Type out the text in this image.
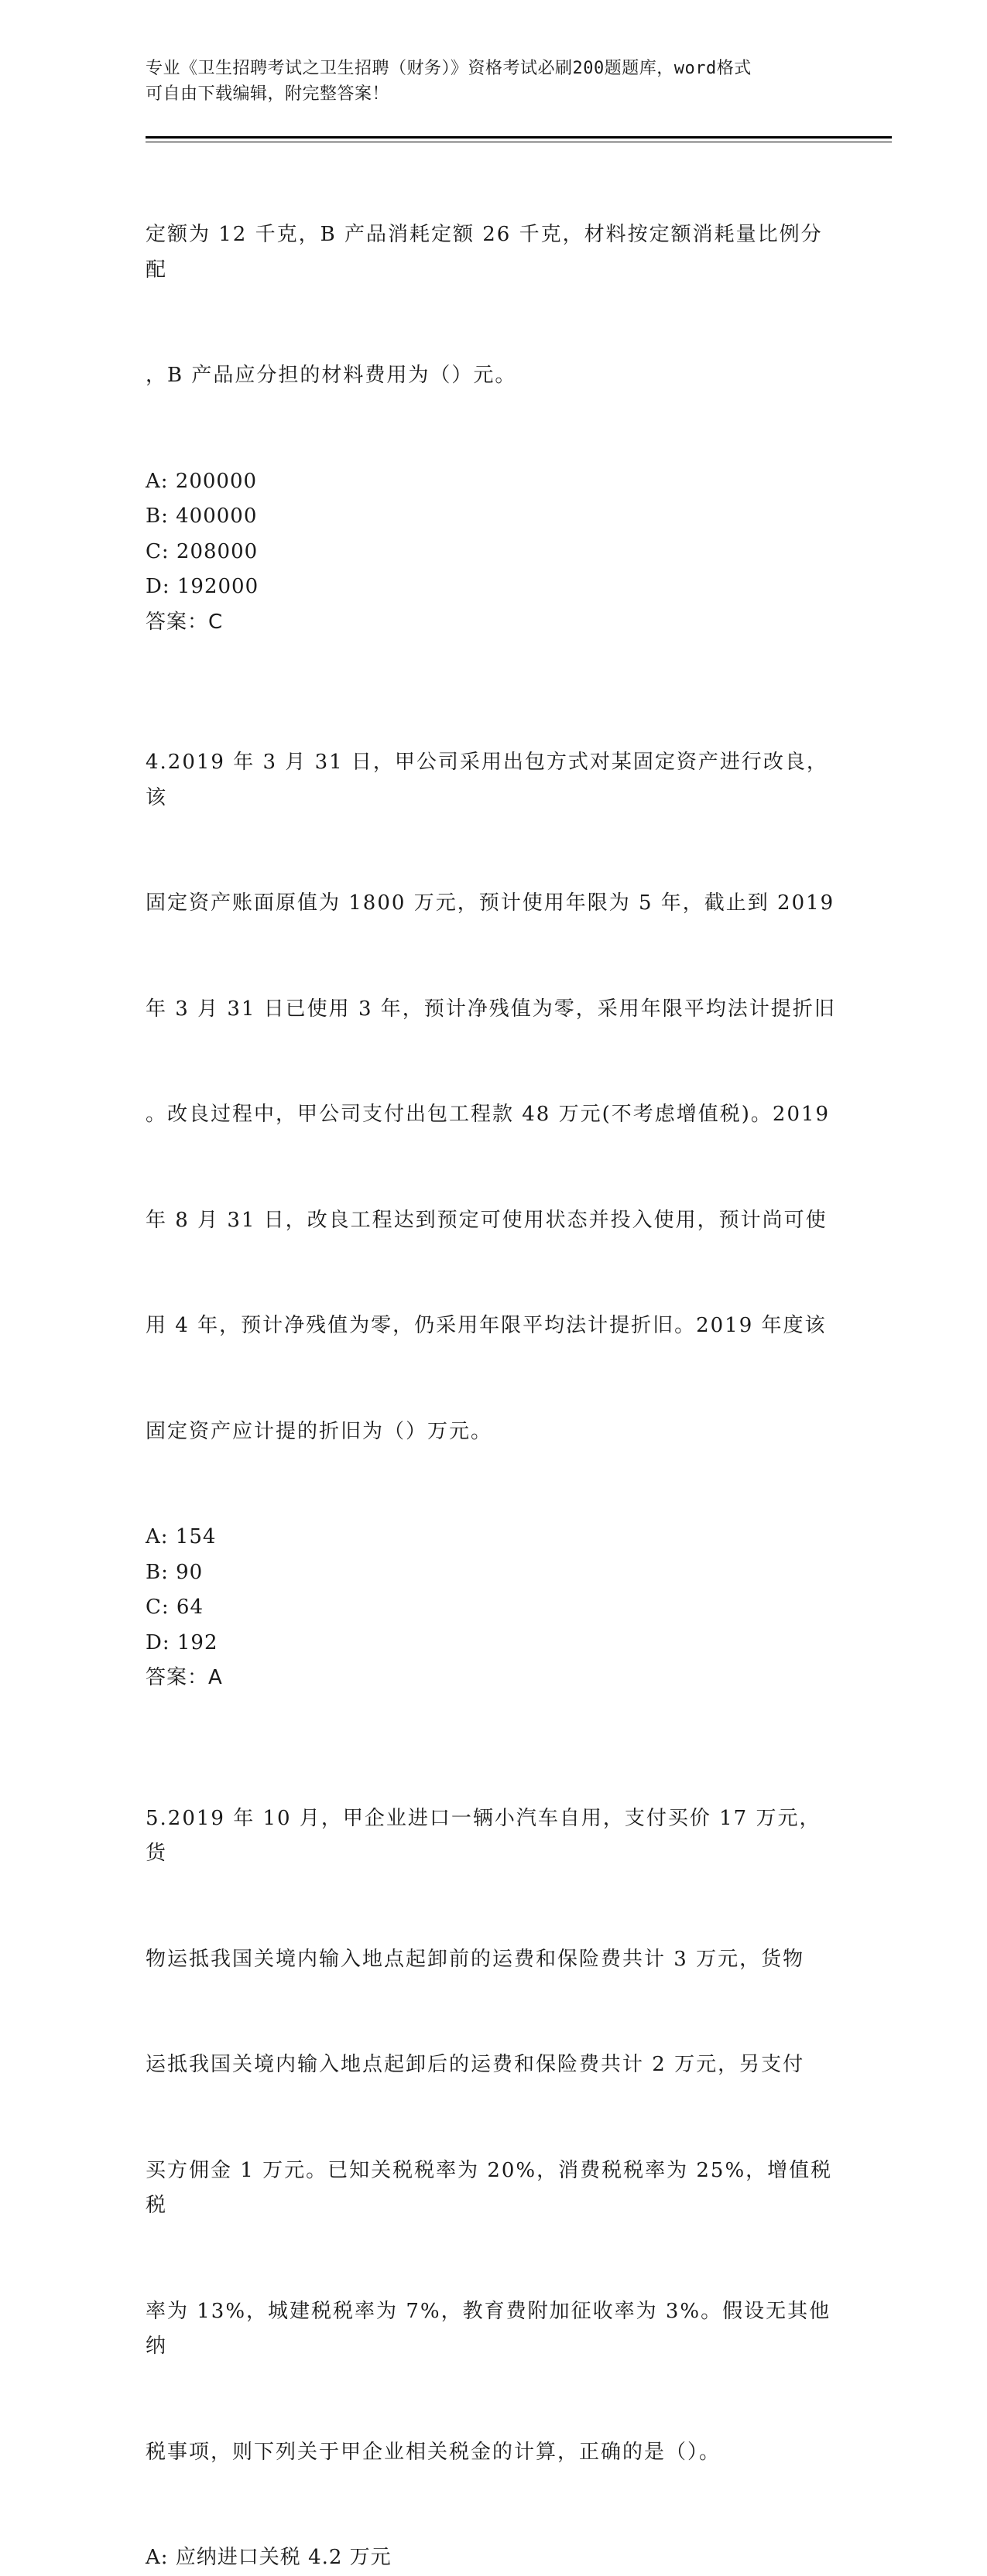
专业《卫生招聘考试之卫生招聘（财务）》资格考试必刷200题题库，word格式
可自由下载编辑，附完整答案！

定额为 12 千克，B 产品消耗定额 26 千克，材料按定额消耗量比例分配

，B 产品应分担的材料费用为（）元。

A: 200000
B: 400000
C: 208000
D: 192000
答案：C

4.2019 年 3 月 31 日，甲公司采用出包方式对某固定资产进行改良，该

固定资产账面原值为 1800 万元，预计使用年限为 5 年，截止到 2019

年 3 月 31 日已使用 3 年，预计净残值为零，采用年限平均法计提折旧

。改良过程中，甲公司支付出包工程款 48 万元(不考虑增值税)。2019

年 8 月 31 日，改良工程达到预定可使用状态并投入使用，预计尚可使

用 4 年，预计净残值为零，仍采用年限平均法计提折旧。2019 年度该

固定资产应计提的折旧为（）万元。

A: 154
B: 90
C: 64
D: 192
答案：A

5.2019 年 10 月，甲企业进口一辆小汽车自用，支付买价 17 万元，货

物运抵我国关境内输入地点起卸前的运费和保险费共计 3 万元，货物

运抵我国关境内输入地点起卸后的运费和保险费共计 2 万元，另支付

买方佣金 1 万元。已知关税税率为 20%，消费税税率为 25%，增值税税

率为 13%，城建税税率为 7%，教育费附加征收率为 3%。假设无其他纳

税事项，则下列关于甲企业相关税金的计算，正确的是（）。

A: 应纳进口关税 4.2 万元
